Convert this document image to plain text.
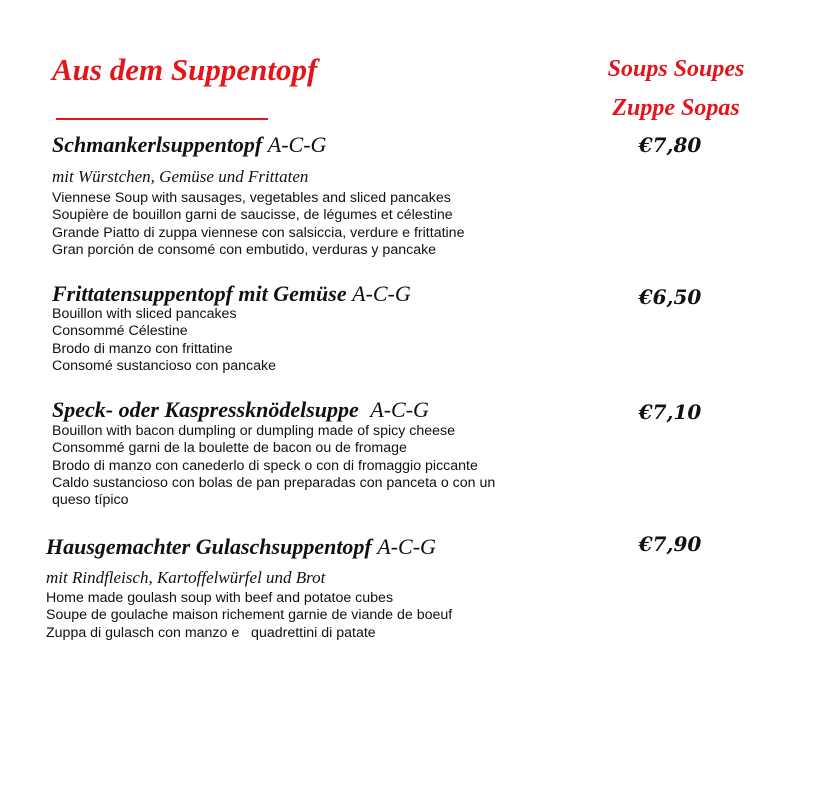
Aus dem Suppentopf	Soups Soupes
Zuppe Sopas
Schmankerlsuppentopf A-C-G	€7,80
mit Würstchen, Gemüse und Frittaten
Viennese Soup with sausages, vegetables and sliced pancakes
Soupière de bouillon garni de saucisse, de légumes et célestine
Grande Piatto di zuppa viennese con salsiccia, verdure e frittatine
Gran porción de consomé con embutido, verduras y pancake
Frittatensuppentopf mit Gemüse A-C-G	€6,50
Bouillon with sliced pancakes
Consommé Célestine
Brodo di manzo con frittatine
Consomé sustancioso con pancake
Speck- oder Kaspressknödelsuppe A-C-G	€7,10
Bouillon with bacon dumpling or dumpling made of spicy cheese
Consommé garni de la boulette de bacon ou de fromage
Brodo di manzo con canederlo di speck o con di fromaggio piccante
Caldo sustancioso con bolas de pan preparadas con panceta o con un
queso típico
Hausgemachter Gulaschsuppentopf A-C-G	€7,90
mit Rindfleisch, Kartoffelwürfel und Brot
Home made goulash soup with beef and potatoe cubes
Soupe de goulache maison richement garnie de viande de boeuf
Zuppa di gulasch con manzo e   quadrettini di patate
